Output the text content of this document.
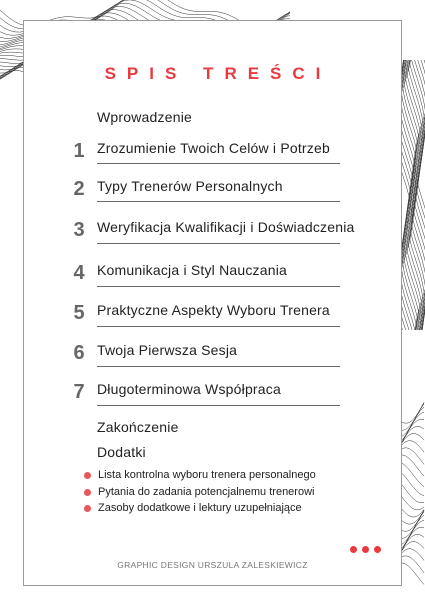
SPIS TREŚCI
Wprowadzenie
1 Zrozumienie Twoich Celów i Potrzeb
2 Typy Trenerów Personalnych
3 Weryfikacja Kwalifikacji i Doświadczenia
4 Komunikacja i Styl Nauczania
5 Praktyczne Aspekty Wyboru Trenera
6 Twoja Pierwsza Sesja
7 Długoterminowa Współpraca
Zakończenie
Dodatki
Lista kontrolna wyboru trenera personalnego
Pytania do zadania potencjalnemu trenerowi
Zasoby dodatkowe i lektury uzupełniające
GRAPHIC DESIGN URSZULA ZALESKIEWICZ
